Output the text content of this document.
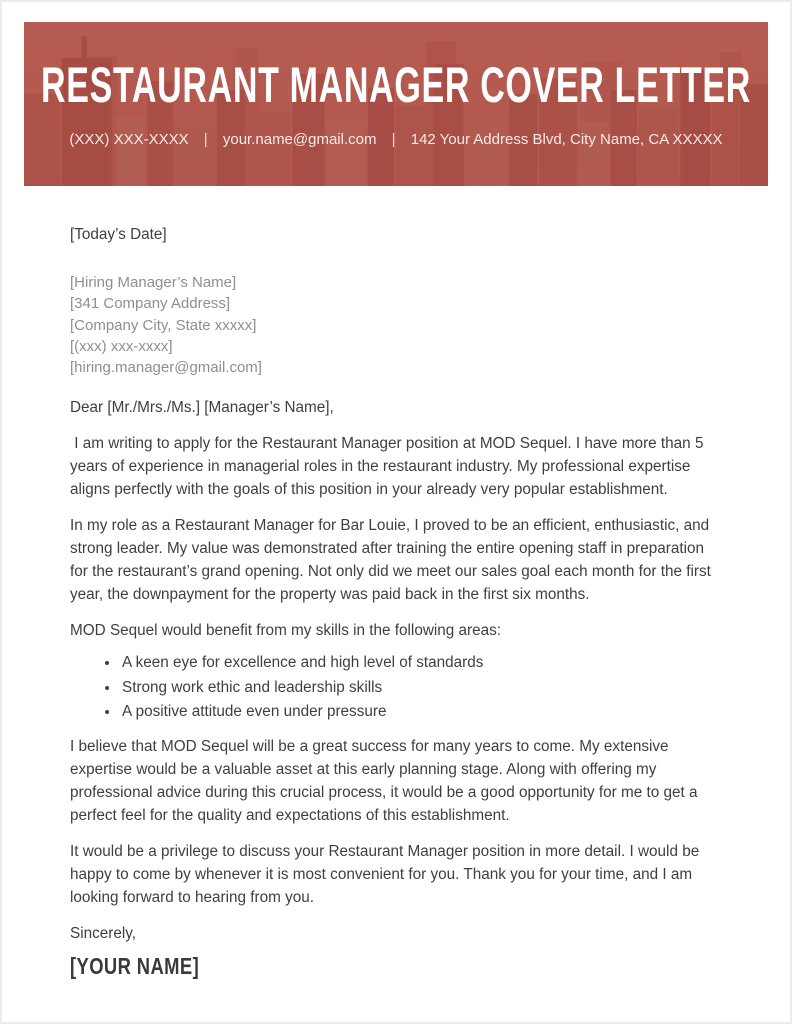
RESTAURANT MANAGER COVER LETTER
(XXX) XXX-XXXX | your.name@gmail.com | 142 Your Address Blvd, City Name, CA XXXXX

[Today’s Date]

[Hiring Manager’s Name]
[341 Company Address]
[Company City, State xxxxx]
[(xxx) xxx-xxxx]
[hiring.manager@gmail.com]

Dear [Mr./Mrs./Ms.] [Manager’s Name],

I am writing to apply for the Restaurant Manager position at MOD Sequel. I have more than 5 years of experience in managerial roles in the restaurant industry. My professional expertise aligns perfectly with the goals of this position in your already very popular establishment.

In my role as a Restaurant Manager for Bar Louie, I proved to be an efficient, enthusiastic, and strong leader. My value was demonstrated after training the entire opening staff in preparation for the restaurant’s grand opening. Not only did we meet our sales goal each month for the first year, the downpayment for the property was paid back in the first six months.

MOD Sequel would benefit from my skills in the following areas:

• A keen eye for excellence and high level of standards
• Strong work ethic and leadership skills
• A positive attitude even under pressure

I believe that MOD Sequel will be a great success for many years to come. My extensive expertise would be a valuable asset at this early planning stage. Along with offering my professional advice during this crucial process, it would be a good opportunity for me to get a perfect feel for the quality and expectations of this establishment.

It would be a privilege to discuss your Restaurant Manager position in more detail. I would be happy to come by whenever it is most convenient for you. Thank you for your time, and I am looking forward to hearing from you.

Sincerely,

[YOUR NAME]
